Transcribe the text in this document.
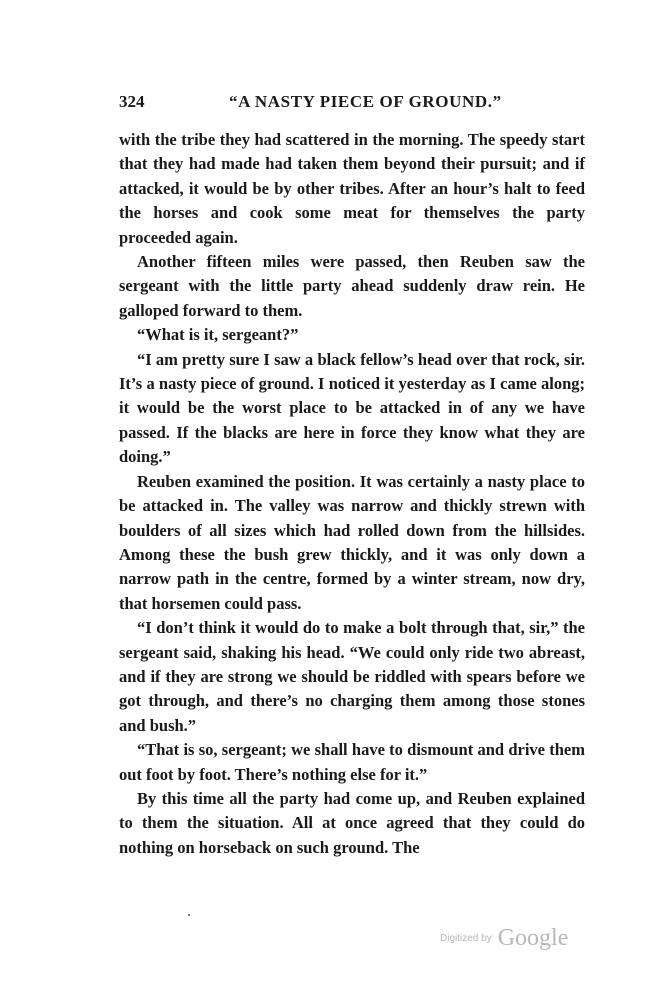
324	“A NASTY PIECE OF GROUND.”

with the tribe they had scattered in the morning. The speedy start that they had made had taken them beyond their pursuit; and if attacked, it would be by other tribes. After an hour’s halt to feed the horses and cook some meat for themselves the party proceeded again.

Another fifteen miles were passed, then Reuben saw the sergeant with the little party ahead suddenly draw rein. He galloped forward to them.

“What is it, sergeant?”

“I am pretty sure I saw a black fellow’s head over that rock, sir. It’s a nasty piece of ground. I noticed it yesterday as I came along; it would be the worst place to be attacked in of any we have passed. If the blacks are here in force they know what they are doing.”

Reuben examined the position. It was certainly a nasty place to be attacked in. The valley was narrow and thickly strewn with boulders of all sizes which had rolled down from the hillsides. Among these the bush grew thickly, and it was only down a narrow path in the centre, formed by a winter stream, now dry, that horsemen could pass.

“I don’t think it would do to make a bolt through that, sir,” the sergeant said, shaking his head. “We could only ride two abreast, and if they are strong we should be riddled with spears before we got through, and there’s no charging them among those stones and bush.”

“That is so, sergeant; we shall have to dismount and drive them out foot by foot. There’s nothing else for it.”

By this time all the party had come up, and Reuben explained to them the situation. All at once agreed that they could do nothing on horseback on such ground. The

Digitized by Google
